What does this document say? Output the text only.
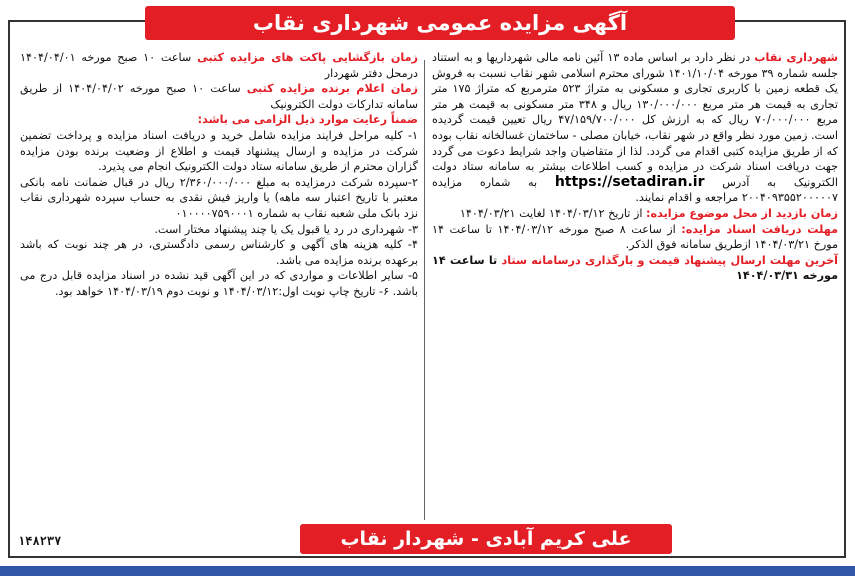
آگهی مزایده عمومی شهرداری نقاب

شهرداری نقاب در نظر دارد بر اساس ماده ۱۳ آئین نامه مالی شهرداریها و به استناد جلسه شماره ۳۹ مورخه ۱۴۰۱/۱۰/۰۴ شورای محترم اسلامی شهر نقاب نسبت به فروش یک قطعه زمین با کاربری تجاری و مسکونی به متراژ ۵۲۳ مترمربع که متراژ ۱۷۵ متر تجاری به قیمت هر متر مربع ۱۳۰/۰۰۰/۰۰۰ ریال و ۳۴۸ متر مسکونی به قیمت هر متر مربع ۷۰/۰۰۰/۰۰۰ ریال که به ارزش کل ۴۷/۱۵۹/۷۰۰/۰۰۰ ریال تعیین قیمت گردیده است. زمین مورد نظر واقع در شهر نقاب، خیابان مصلی - ساختمان غسالخانه نقاب بوده که از طریق مزایده کتبی اقدام می گردد. لذا از متقاضیان واجد شرایط دعوت می گردد جهت دریافت اسناد شرکت در مزایده و کسب اطلاعات بیشتر به سامانه ستاد دولت الکترونیک به آدرس https://setadiran.ir به شماره مزایده ۲۰۰۴۰۹۳۵۵۲۰۰۰۰۰۷ مراجعه و اقدام نمایند.

زمان بازدید از محل موضوع مزایده: از تاریخ ۱۴۰۴/۰۳/۱۲ لغایت ۱۴۰۴/۰۳/۲۱

مهلت دریافت اسناد مزایده: از ساعت ۸ صبح مورخه ۱۴۰۴/۰۳/۱۲ تا ساعت ۱۴ مورخ ۱۴۰۴/۰۳/۲۱ ازطریق سامانه فوق الذکر.

آخرین مهلت ارسال پیشنهاد قیمت و بارگذاری درسامانه ستاد تا ساعت ۱۴ مورخه ۱۴۰۴/۰۳/۳۱

زمان بازگشایی پاکت های مزایده کتبی ساعت ۱۰ صبح مورخه ۱۴۰۴/۰۴/۰۱ درمحل دفتر شهردار

زمان اعلام برنده مزایده کتبی ساعت ۱۰ صبح مورخه ۱۴۰۴/۰۴/۰۲ از طریق سامانه تدارکات دولت الکترونیک

ضمناً رعایت موارد ذیل الزامی می باشد:

۱- کلیه مراحل فرایند مزایده شامل خرید و دریافت اسناد مزایده و پرداخت تضمین شرکت در مزایده و ارسال پیشنهاد قیمت و اطلاع از وضعیت برنده بودن مزایده گزاران محترم از طریق سامانه ستاد دولت الکترونیک انجام می پذیرد.

۲-سپرده شرکت درمزایده به مبلغ ۲/۳۶۰/۰۰۰/۰۰۰ ریال در قبال ضمانت نامه بانکی معتبر با تاریخ اعتبار سه ماهه) یا واریز فیش نقدی به حساب سپرده شهرداری نقاب نزد بانک ملی شعبه نقاب به شماره ۰۱۰۰۰۰۷۵۹۰۰۰۱

۳- شهرداری در رد یا قبول یک یا چند پیشنهاد مختار است.

۴- کلیه هزینه های آگهی و کارشناس رسمی دادگستری، در هر چند نوبت که باشد برعهده برنده مزایده می باشد.

۵- سایر اطلاعات و مواردی که در این آگهی قید نشده در اسناد مزایده قابل درج می باشد. ۶- تاریخ چاپ نوبت اول:۱۴۰۴/۰۳/۱۲ و نوبت دوم ۱۴۰۴/۰۳/۱۹ خواهد بود.

۱۴۸۲۳۷	علی کریم آبادی - شهردار نقاب
